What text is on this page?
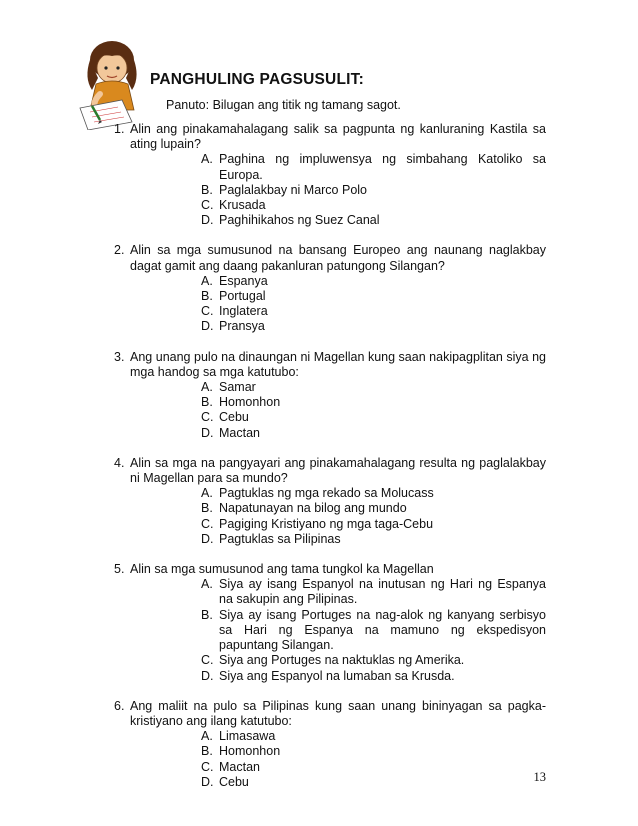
PANGHULING PAGSUSULIT:
Panuto: Bilugan ang titik ng tamang sagot.
1. Alin ang pinakamahalagang salik sa pagpunta ng kanluraning Kastila sa ating lupain?
A. Paghina ng impluwensya ng simbahang Katoliko sa Europa.
B. Paglalakbay ni Marco Polo
C. Krusada
D. Paghihikahos ng Suez Canal
2. Alin sa mga sumusunod na bansang Europeo ang naunang naglakbay dagat gamit ang daang pakanluran patungong Silangan?
A. Espanya
B. Portugal
C. Inglatera
D. Pransya
3. Ang unang pulo na dinaungan ni Magellan kung saan nakipagplitan siya ng mga handog sa mga katutubo:
A. Samar
B. Homonhon
C. Cebu
D. Mactan
4. Alin sa mga na pangyayari ang pinakamahalagang resulta ng paglalakbay ni Magellan para sa mundo?
A. Pagtuklas ng mga rekado sa Molucass
B. Napatunayan na bilog ang mundo
C. Pagiging Kristiyano ng mga taga-Cebu
D. Pagtuklas sa Pilipinas
5. Alin sa mga sumusunod ang tama tungkol ka Magellan
A. Siya ay isang Espanyol na inutusan ng Hari ng Espanya na sakupin ang Pilipinas.
B. Siya ay isang Portuges na nag-alok ng kanyang serbisyo sa Hari ng Espanya na mamuno ng ekspedisyon papuntang Silangan.
C. Siya ang Portuges na naktuklas ng Amerika.
D. Siya ang Espanyol na lumaban sa Krusda.
6. Ang maliit na pulo sa Pilipinas kung saan unang bininyagan sa pagka-kristiyano ang ilang katutubo:
A. Limasawa
B. Homonhon
C. Mactan
D. Cebu	13
